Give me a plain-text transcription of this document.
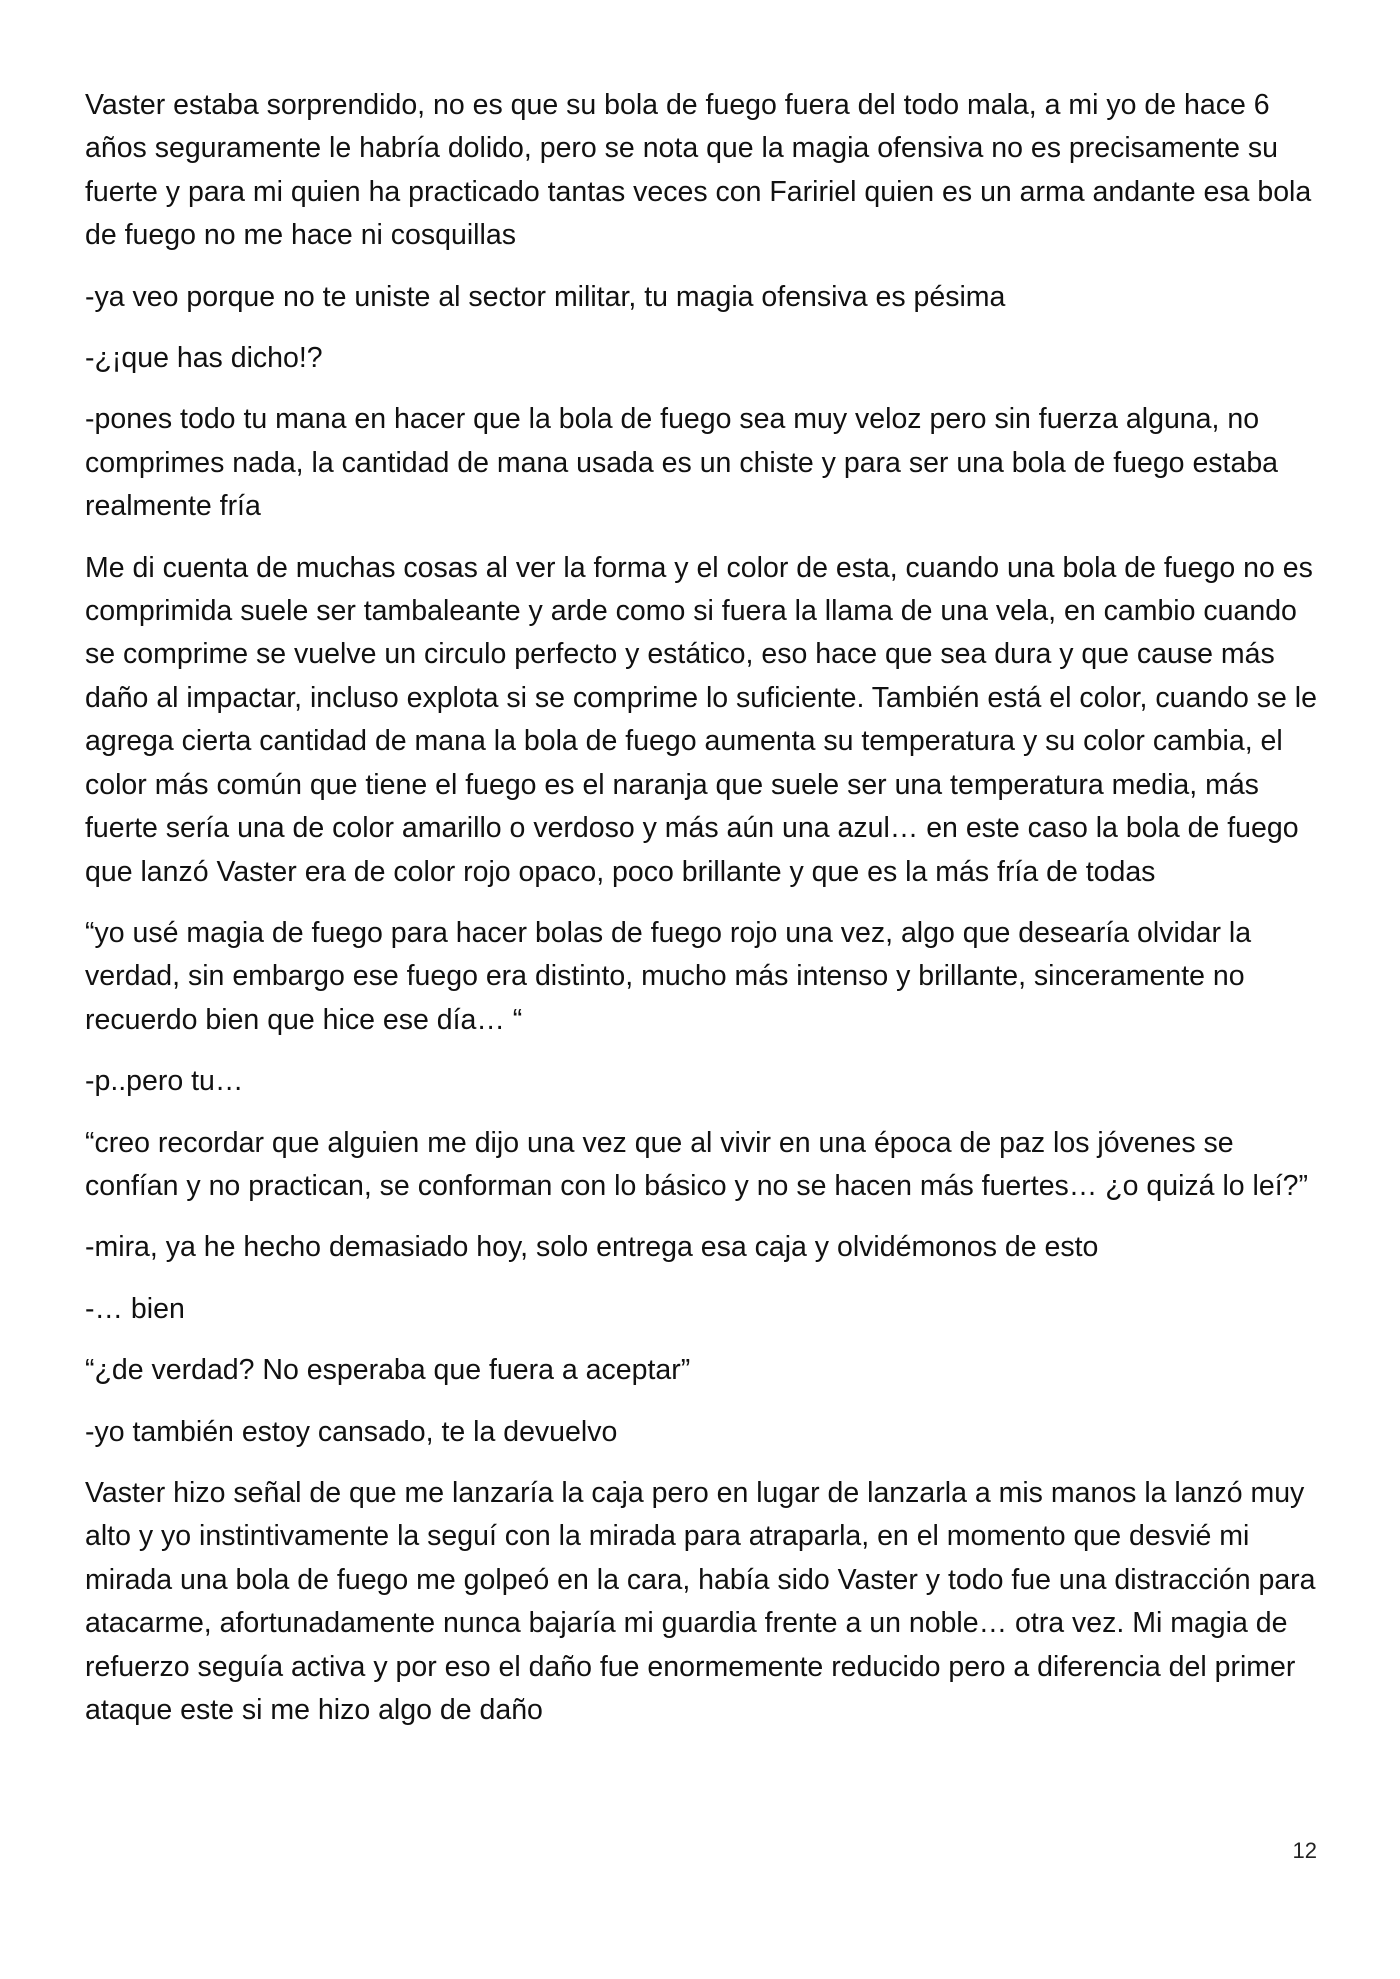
Vaster estaba sorprendido, no es que su bola de fuego fuera del todo mala, a mi yo de hace 6 años seguramente le habría dolido, pero se nota que la magia ofensiva no es precisamente su fuerte y para mi quien ha practicado tantas veces con Faririel quien es un arma andante esa bola de fuego no me hace ni cosquillas

-ya veo porque no te uniste al sector militar, tu magia ofensiva es pésima

-¿¡que has dicho!?

-pones todo tu mana en hacer que la bola de fuego sea muy veloz pero sin fuerza alguna, no comprimes nada, la cantidad de mana usada es un chiste y para ser una bola de fuego estaba realmente fría

Me di cuenta de muchas cosas al ver la forma y el color de esta, cuando una bola de fuego no es comprimida suele ser tambaleante y arde como si fuera la llama de una vela, en cambio cuando se comprime se vuelve un circulo perfecto y estático, eso hace que sea dura y que cause más daño al impactar, incluso explota si se comprime lo suficiente. También está el color, cuando se le agrega cierta cantidad de mana la bola de fuego aumenta su temperatura y su color cambia, el color más común que tiene el fuego es el naranja que suele ser una temperatura media, más fuerte sería una de color amarillo o verdoso y más aún una azul… en este caso la bola de fuego que lanzó Vaster era de color rojo opaco, poco brillante y que es la más fría de todas

“yo usé magia de fuego para hacer bolas de fuego rojo una vez, algo que desearía olvidar la verdad, sin embargo ese fuego era distinto, mucho más intenso y brillante, sinceramente no recuerdo bien que hice ese día… “

-p..pero tu…

“creo recordar que alguien me dijo una vez que al vivir en una época de paz los jóvenes se confían y no practican, se conforman con lo básico y no se hacen más fuertes… ¿o quizá lo leí?”

-mira, ya he hecho demasiado hoy, solo entrega esa caja y olvidémonos de esto

-… bien

“¿de verdad? No esperaba que fuera a aceptar”

-yo también estoy cansado, te la devuelvo

Vaster hizo señal de que me lanzaría la caja pero en lugar de lanzarla a mis manos la lanzó muy alto y yo instintivamente la seguí con la mirada para atraparla, en el momento que desvié mi mirada una bola de fuego me golpeó en la cara, había sido Vaster y todo fue una distracción para atacarme, afortunadamente nunca bajaría mi guardia frente a un noble… otra vez. Mi magia de refuerzo seguía activa y por eso el daño fue enormemente reducido pero a diferencia del primer ataque este si me hizo algo de daño

12
